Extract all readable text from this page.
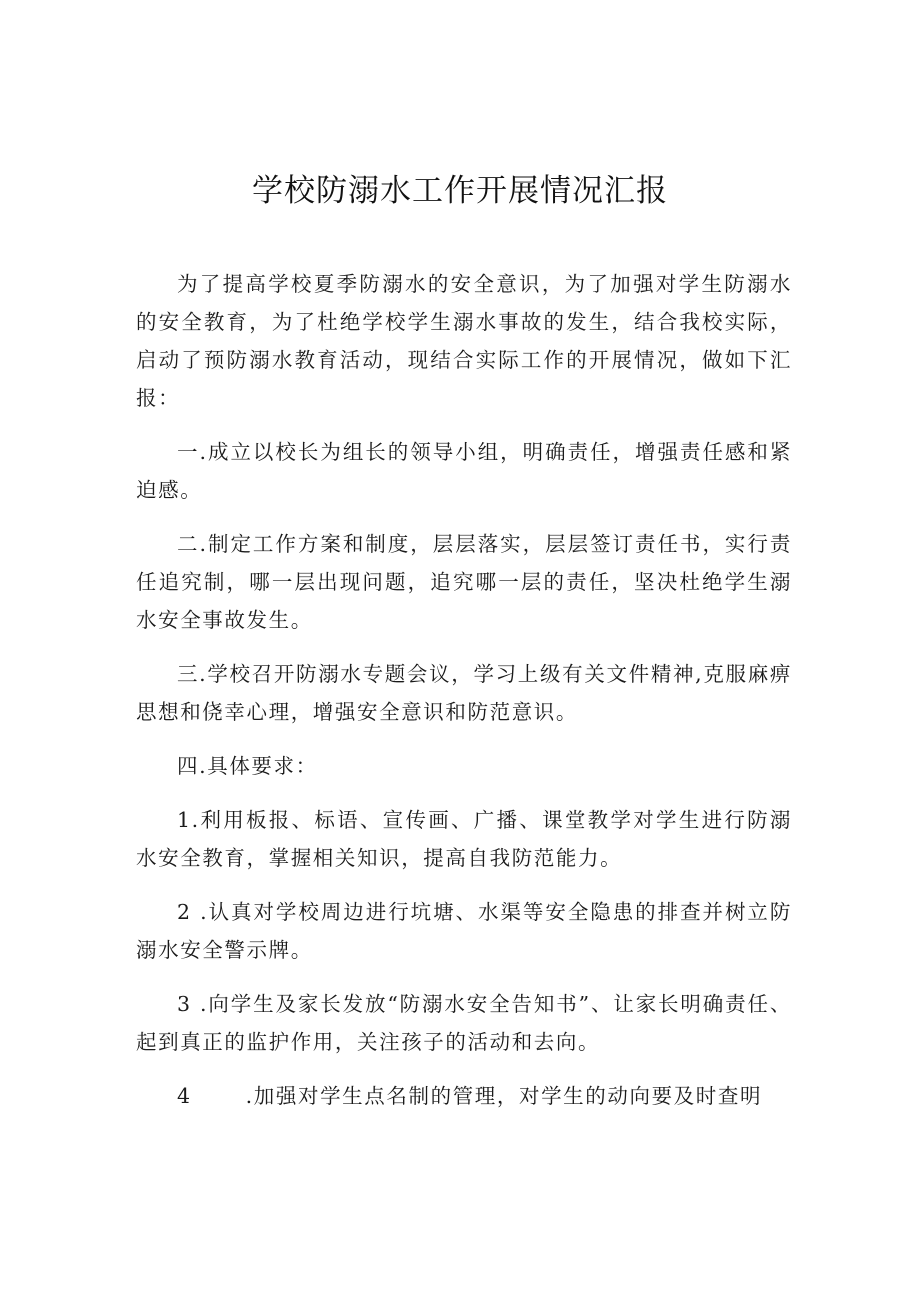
学校防溺水工作开展情况汇报

为了提高学校夏季防溺水的安全意识，为了加强对学生防溺水的安全教育，为了杜绝学校学生溺水事故的发生，结合我校实际，启动了预防溺水教育活动，现结合实际工作的开展情况，做如下汇报：

一.成立以校长为组长的领导小组，明确责任，增强责任感和紧迫感。

二.制定工作方案和制度，层层落实，层层签订责任书，实行责任追究制，哪一层出现问题，追究哪一层的责任，坚决杜绝学生溺水安全事故发生。

三.学校召开防溺水专题会议，学习上级有关文件精神,克服麻痹思想和侥幸心理，增强安全意识和防范意识。

四.具体要求：

1.利用板报、标语、宣传画、广播、课堂教学对学生进行防溺水安全教育，掌握相关知识，提高自我防范能力。

2 .认真对学校周边进行坑塘、水渠等安全隐患的排查并树立防溺水安全警示牌。

3 .向学生及家长发放“防溺水安全告知书”、让家长明确责任、起到真正的监护作用，关注孩子的活动和去向。

4	.加强对学生点名制的管理，对学生的动向要及时查明
